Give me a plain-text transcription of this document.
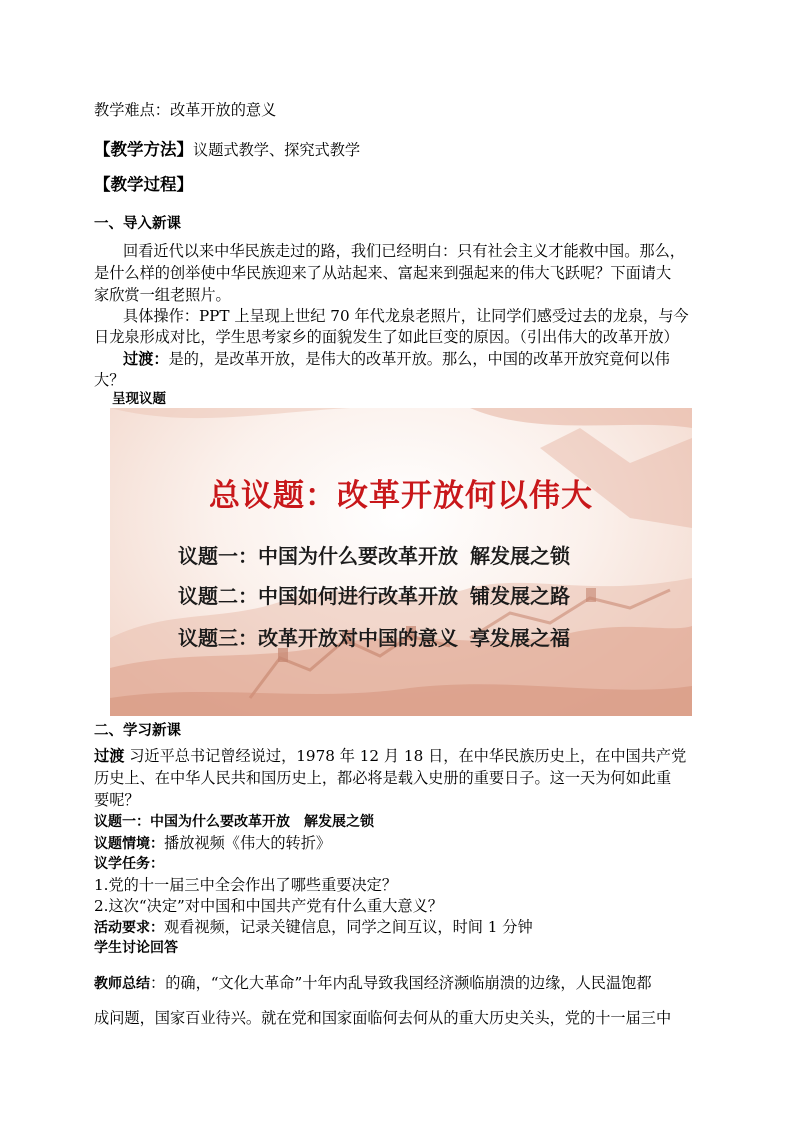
教学难点：改革开放的意义
【教学方法】议题式教学、探究式教学
【教学过程】
一、导入新课
回看近代以来中华民族走过的路，我们已经明白：只有社会主义才能救中国。那么，
是什么样的创举使中华民族迎来了从站起来、富起来到强起来的伟大飞跃呢？下面请大
家欣赏一组老照片。
具体操作：PPT 上呈现上世纪 70 年代龙泉老照片，让同学们感受过去的龙泉，与今
日龙泉形成对比，学生思考家乡的面貌发生了如此巨变的原因。（引出伟大的改革开放）
过渡：是的，是改革开放，是伟大的改革开放。那么，中国的改革开放究竟何以伟
大？
呈现议题
总议题：改革开放何以伟大
议题一：中国为什么要改革开放 解发展之锁
议题二：中国如何进行改革开放 铺发展之路
议题三：改革开放对中国的意义 享发展之福
二、学习新课
过渡 习近平总书记曾经说过，1978 年 12 月 18 日，在中华民族历史上，在中国共产党
历史上、在中华人民共和国历史上，都必将是载入史册的重要日子。这一天为何如此重
要呢？
议题一：中国为什么要改革开放　解发展之锁
议题情境：播放视频《伟大的转折》
议学任务：
1.党的十一届三中全会作出了哪些重要决定？
2.这次“决定”对中国和中国共产党有什么重大意义？
活动要求：观看视频，记录关键信息，同学之间互议，时间 1 分钟
学生讨论回答
教师总结：的确，“文化大革命”十年内乱导致我国经济濒临崩溃的边缘，人民温饱都
成问题，国家百业待兴。就在党和国家面临何去何从的重大历史关头，党的十一届三中
